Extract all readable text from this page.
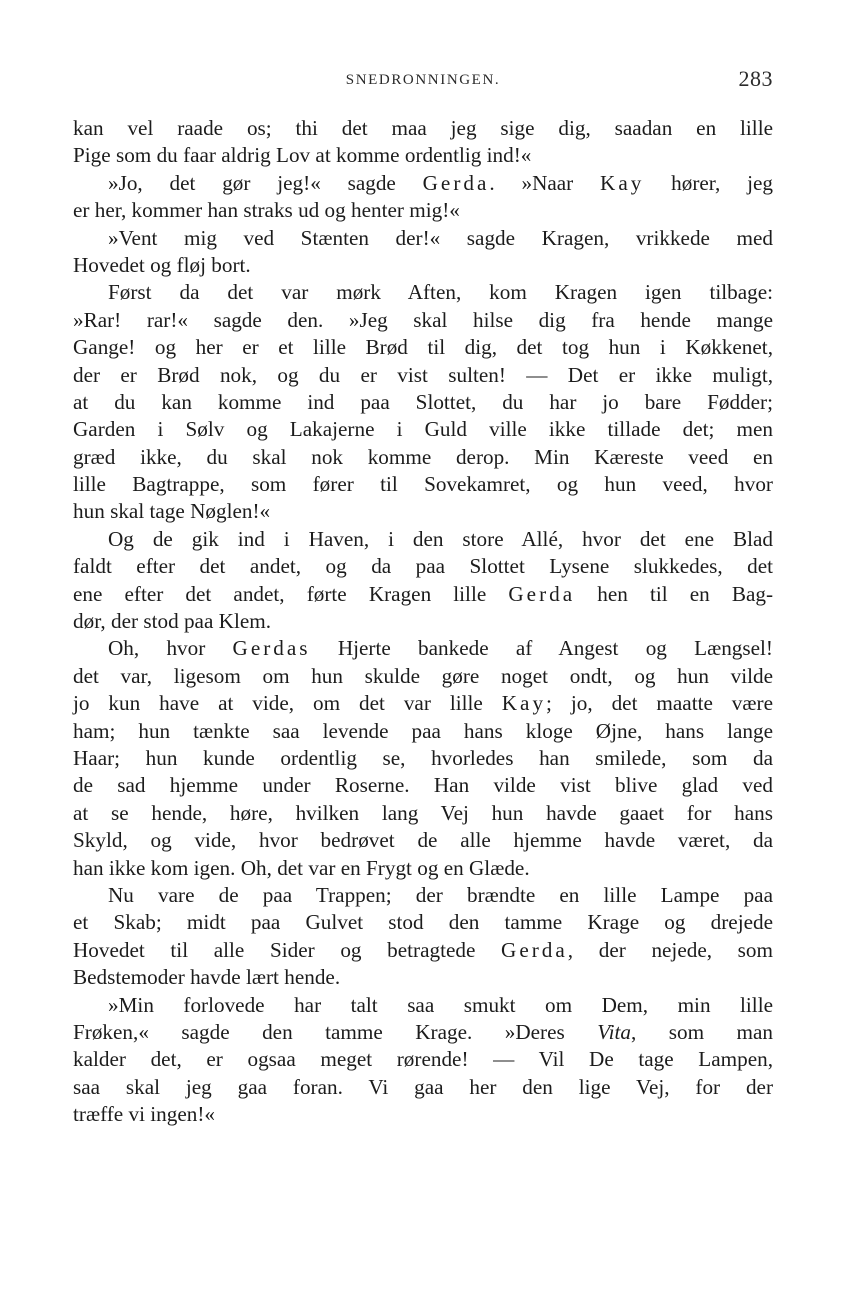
SNEDRONNINGEN.	283
kan vel raade os; thi det maa jeg sige dig, saadan en lille
Pige som du faar aldrig Lov at komme ordentlig ind!«
»Jo, det gør jeg!« sagde Gerda. »Naar Kay hører, jeg
er her, kommer han straks ud og henter mig!«
»Vent mig ved Stænten der!« sagde Kragen, vrikkede med
Hovedet og fløj bort.
Først da det var mørk Aften, kom Kragen igen tilbage:
»Rar! rar!« sagde den. »Jeg skal hilse dig fra hende mange
Gange! og her er et lille Brød til dig, det tog hun i Køkkenet,
der er Brød nok, og du er vist sulten! — Det er ikke muligt,
at du kan komme ind paa Slottet, du har jo bare Fødder;
Garden i Sølv og Lakajerne i Guld ville ikke tillade det; men
græd ikke, du skal nok komme derop. Min Kæreste veed en
lille Bagtrappe, som fører til Sovekamret, og hun veed, hvor
hun skal tage Nøglen!«
Og de gik ind i Haven, i den store Allé, hvor det ene Blad
faldt efter det andet, og da paa Slottet Lysene slukkedes, det
ene efter det andet, førte Kragen lille Gerda hen til en Bag-
dør, der stod paa Klem.
Oh, hvor Gerdas Hjerte bankede af Angest og Længsel!
det var, ligesom om hun skulde gøre noget ondt, og hun vilde
jo kun have at vide, om det var lille Kay; jo, det maatte være
ham; hun tænkte saa levende paa hans kloge Øjne, hans lange
Haar; hun kunde ordentlig se, hvorledes han smilede, som da
de sad hjemme under Roserne. Han vilde vist blive glad ved
at se hende, høre, hvilken lang Vej hun havde gaaet for hans
Skyld, og vide, hvor bedrøvet de alle hjemme havde været, da
han ikke kom igen. Oh, det var en Frygt og en Glæde.
Nu vare de paa Trappen; der brændte en lille Lampe paa
et Skab; midt paa Gulvet stod den tamme Krage og drejede
Hovedet til alle Sider og betragtede Gerda, der nejede, som
Bedstemoder havde lært hende.
»Min forlovede har talt saa smukt om Dem, min lille
Frøken,« sagde den tamme Krage. »Deres Vita, som man
kalder det, er ogsaa meget rørende! — Vil De tage Lampen,
saa skal jeg gaa foran. Vi gaa her den lige Vej, for der
træffe vi ingen!«
